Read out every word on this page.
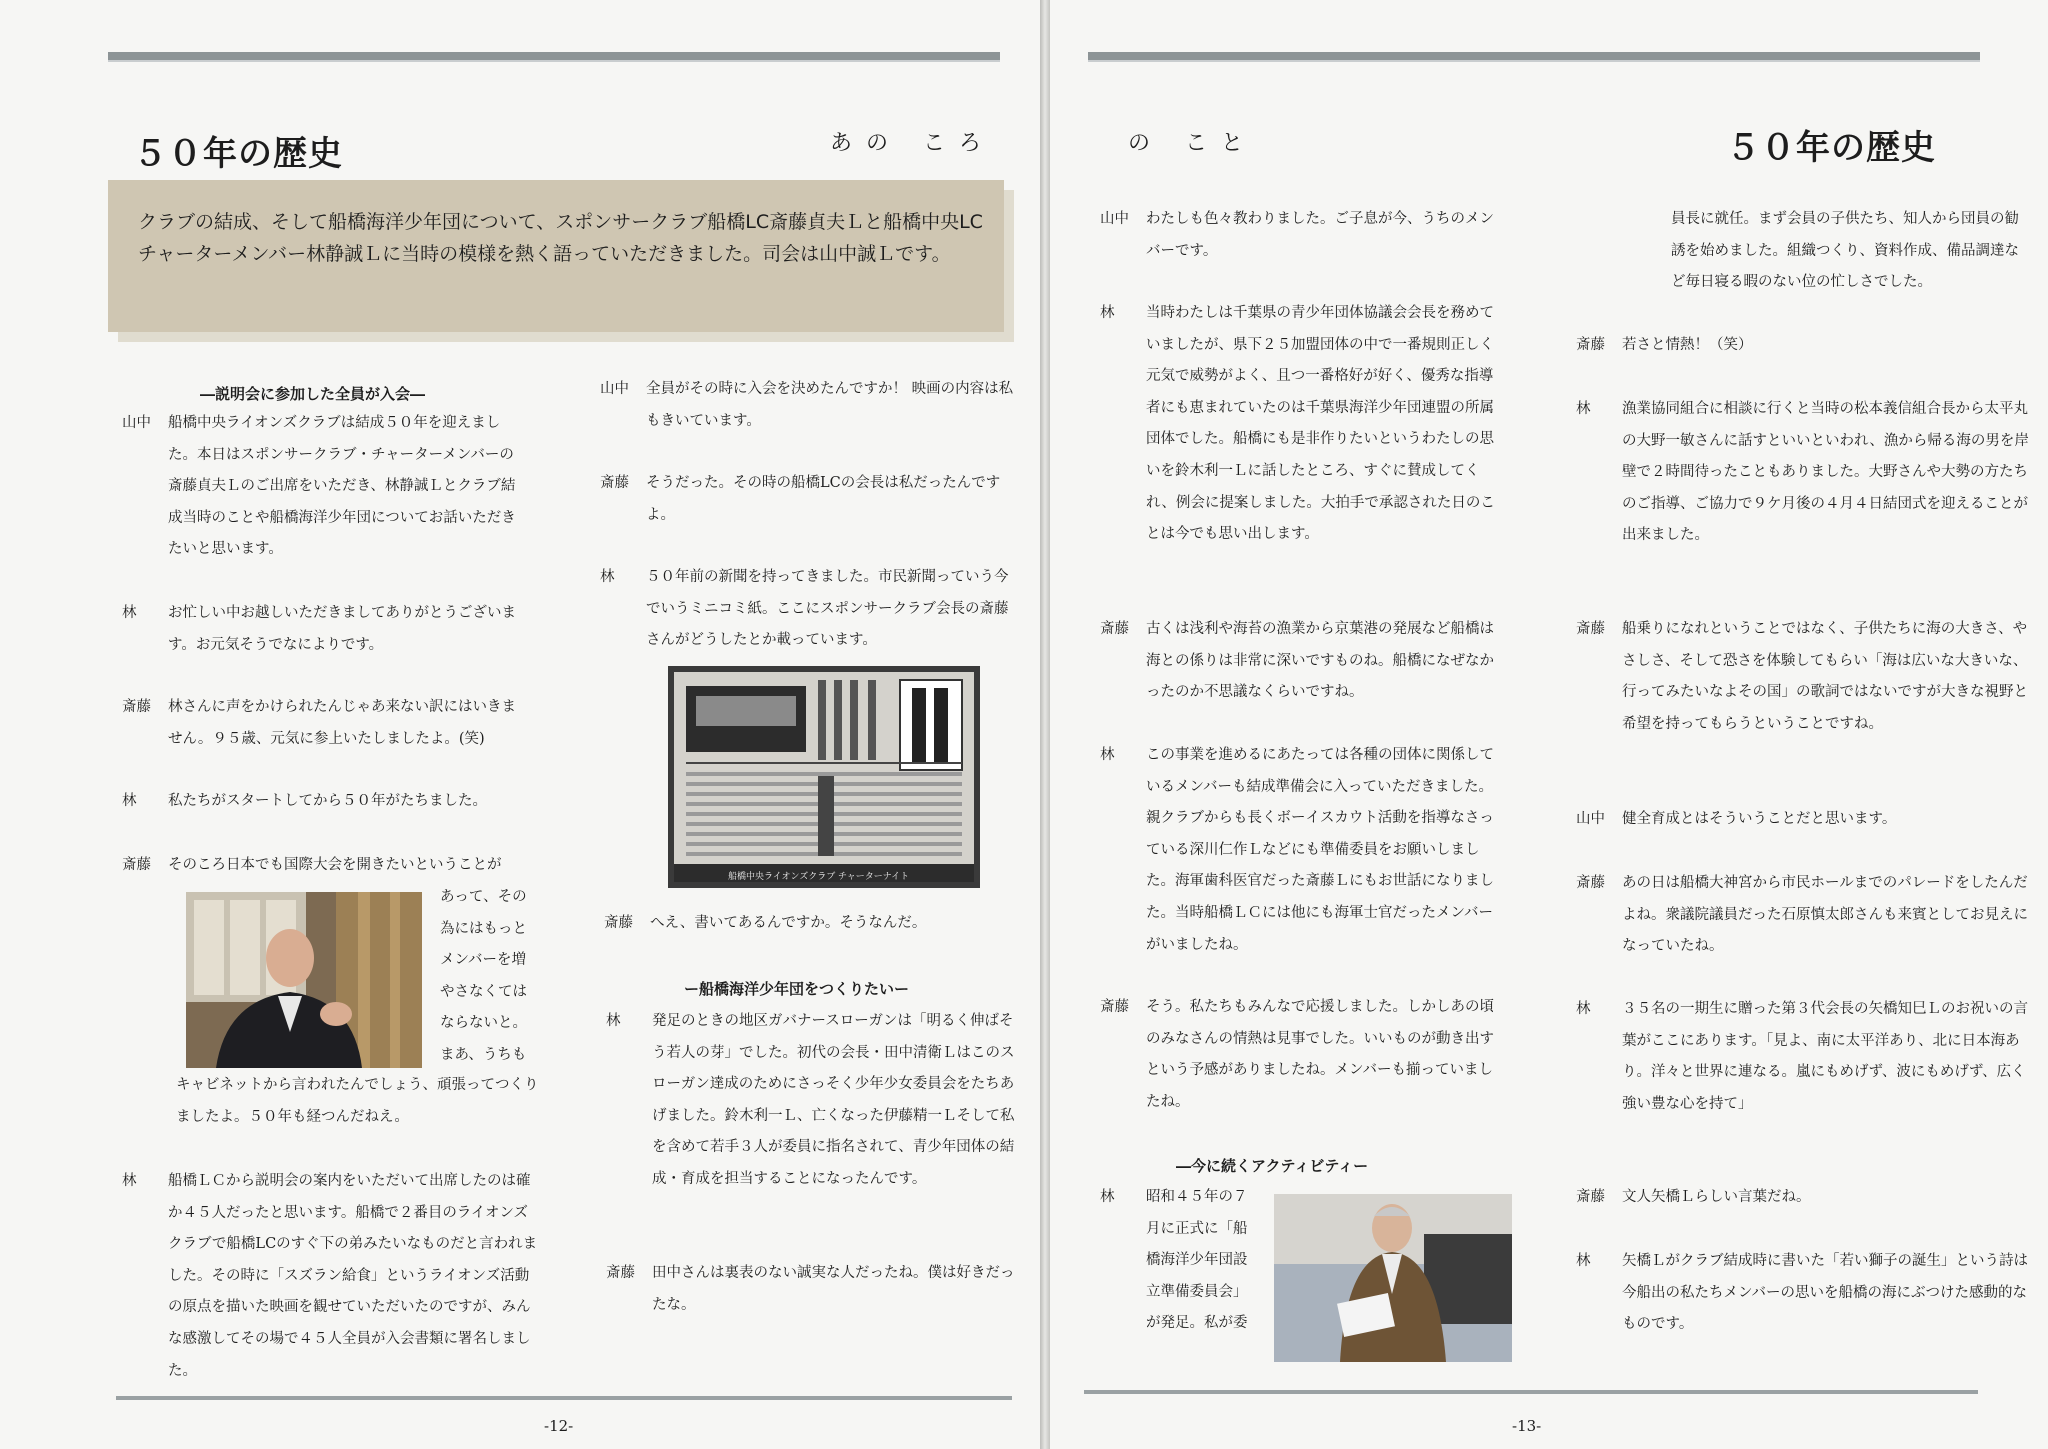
５０年の歴史	あの ころ
クラブの結成、そして船橋海洋少年団について、スポンサークラブ船橋LC斎藤貞夫Ｌと船橋中央LCチャーターメンバー林静誠Ｌに当時の模様を熱く語っていただきました。司会は山中誠Ｌです。
―説明会に参加した全員が入会―
山中	船橋中央ライオンズクラブは結成５０年を迎えました。本日はスポンサークラブ・チャーターメンバーの斎藤貞夫Ｌのご出席をいただき、林静誠Ｌとクラブ結成当時のことや船橋海洋少年団についてお話いただきたいと思います。
林	お忙しい中お越しいただきましてありがとうございます。お元気そうでなによりです。
斎藤	林さんに声をかけられたんじゃあ来ない訳にはいきません。９５歳、元気に参上いたしましたよ。(笑)
林	私たちがスタートしてから５０年がたちました。
斎藤	そのころ日本でも国際大会を開きたいということが
あって、その
為にはもっと
メンバーを増
やさなくては
ならないと。
まあ、うちも
キャビネットから言われたんでしょう、頑張ってつくりましたよ。５０年も経つんだねえ。
林	船橋ＬＣから説明会の案内をいただいて出席したのは確か４５人だったと思います。船橋で２番目のライオンズクラブで船橋LCのすぐ下の弟みたいなものだと言われました。その時に「スズラン給食」というライオンズ活動の原点を描いた映画を観せていただいたのですが、みんな感激してその場で４５人全員が入会書類に署名しました。
山中	全員がその時に入会を決めたんですか！ 映画の内容は私もきいています。
斎藤	そうだった。その時の船橋LCの会長は私だったんですよ。
林	５０年前の新聞を持ってきました。市民新聞っていう今でいうミニコミ紙。ここにスポンサークラブ会長の斎藤さんがどうしたとか載っています。
船橋中央ライオンズクラブ チャーターナイト
斎藤	へえ、書いてあるんですか。そうなんだ。
ー船橋海洋少年団をつくりたいー
林	発足のときの地区ガバナースローガンは「明るく伸ばそう若人の芽」でした。初代の会長・田中清衛Ｌはこのスローガン達成のためにさっそく少年少女委員会をたちあげました。鈴木利一Ｌ、亡くなった伊藤精一Ｌそして私を含めて若手３人が委員に指名されて、青少年団体の結成・育成を担当することになったんです。
斎藤	田中さんは裏表のない誠実な人だったね。僕は好きだったな。
-12-
の こと	５０年の歴史
山中	わたしも色々教わりました。ご子息が今、うちのメンバーです。
林	当時わたしは千葉県の青少年団体協議会会長を務めていましたが、県下２５加盟団体の中で一番規則正しく元気で威勢がよく、且つ一番格好が好く、優秀な指導者にも恵まれていたのは千葉県海洋少年団連盟の所属団体でした。船橋にも是非作りたいというわたしの思いを鈴木利一Ｌに話したところ、すぐに賛成してくれ、例会に提案しました。大拍手で承認された日のことは今でも思い出します。
斎藤	古くは浅利や海苔の漁業から京葉港の発展など船橋は海との係りは非常に深いですものね。船橋になぜなかったのか不思議なくらいですね。
林	この事業を進めるにあたっては各種の団体に関係しているメンバーも結成準備会に入っていただきました。親クラブからも長くボーイスカウト活動を指導なさっている深川仁作Ｌなどにも準備委員をお願いしました。海軍歯科医官だった斎藤Ｌにもお世話になりました。当時船橋ＬＣには他にも海軍士官だったメンバーがいましたね。
斎藤	そう。私たちもみんなで応援しました。しかしあの頃のみなさんの情熱は見事でした。いいものが動き出すという予感がありましたね。メンバーも揃っていましたね。
―今に続くアクティビティー
林	昭和４５年の７
月に正式に「船
橋海洋少年団設
立準備委員会」
が発足。私が委
員長に就任。まず会員の子供たち、知人から団員の勧誘を始めました。組織つくり、資料作成、備品調達など毎日寝る暇のない位の忙しさでした。
斎藤	若さと情熱！（笑）
林	漁業協同組合に相談に行くと当時の松本義信組合長から太平丸の大野一敏さんに話すといいといわれ、漁から帰る海の男を岸壁で２時間待ったこともありました。大野さんや大勢の方たちのご指導、ご協力で９ケ月後の４月４日結団式を迎えることが出来ました。
斎藤	船乗りになれということではなく、子供たちに海の大きさ、やさしさ、そして恐さを体験してもらい「海は広いな大きいな、行ってみたいなよその国」の歌詞ではないですが大きな視野と希望を持ってもらうということですね。
山中	健全育成とはそういうことだと思います。
斎藤	あの日は船橋大神宮から市民ホールまでのパレードをしたんだよね。衆議院議員だった石原慎太郎さんも来賓としてお見えになっていたね。
林	３５名の一期生に贈った第３代会長の矢橋知巳Ｌのお祝いの言葉がここにあります。「見よ、南に太平洋あり、北に日本海あり。洋々と世界に連なる。嵐にもめげず、波にもめげず、広く強い豊な心を持て」
斎藤	文人矢橋Ｌらしい言葉だね。
林	矢橋Ｌがクラブ結成時に書いた「若い獅子の誕生」という詩は今船出の私たちメンバーの思いを船橋の海にぶつけた感動的なものです。
-13-
